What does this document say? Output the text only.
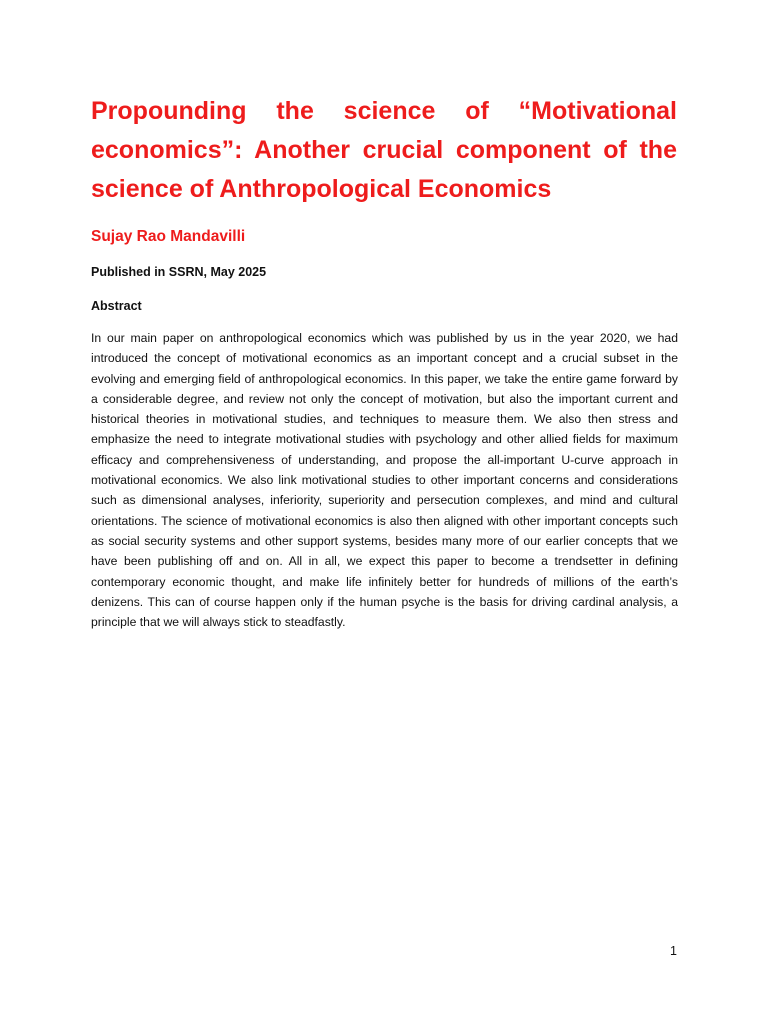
Propounding the science of “Motivational economics”: Another crucial component of the science of Anthropological Economics

Sujay Rao Mandavilli

Published in SSRN, May 2025

Abstract

In our main paper on anthropological economics which was published by us in the year 2020, we had introduced the concept of motivational economics as an important concept and a crucial subset in the evolving and emerging field of anthropological economics. In this paper, we take the entire game forward by a considerable degree, and review not only the concept of motivation, but also the important current and historical theories in motivational studies, and techniques to measure them. We also then stress and emphasize the need to integrate motivational studies with psychology and other allied fields for maximum efficacy and comprehensiveness of understanding, and propose the all-important U-curve approach in motivational economics. We also link motivational studies to other important concerns and considerations such as dimensional analyses, inferiority, superiority and persecution complexes, and mind and cultural orientations. The science of motivational economics is also then aligned with other important concepts such as social security systems and other support systems, besides many more of our earlier concepts that we have been publishing off and on. All in all, we expect this paper to become a trendsetter in defining contemporary economic thought, and make life infinitely better for hundreds of millions of the earth’s denizens. This can of course happen only if the human psyche is the basis for driving cardinal analysis, a principle that we will always stick to steadfastly.

1
